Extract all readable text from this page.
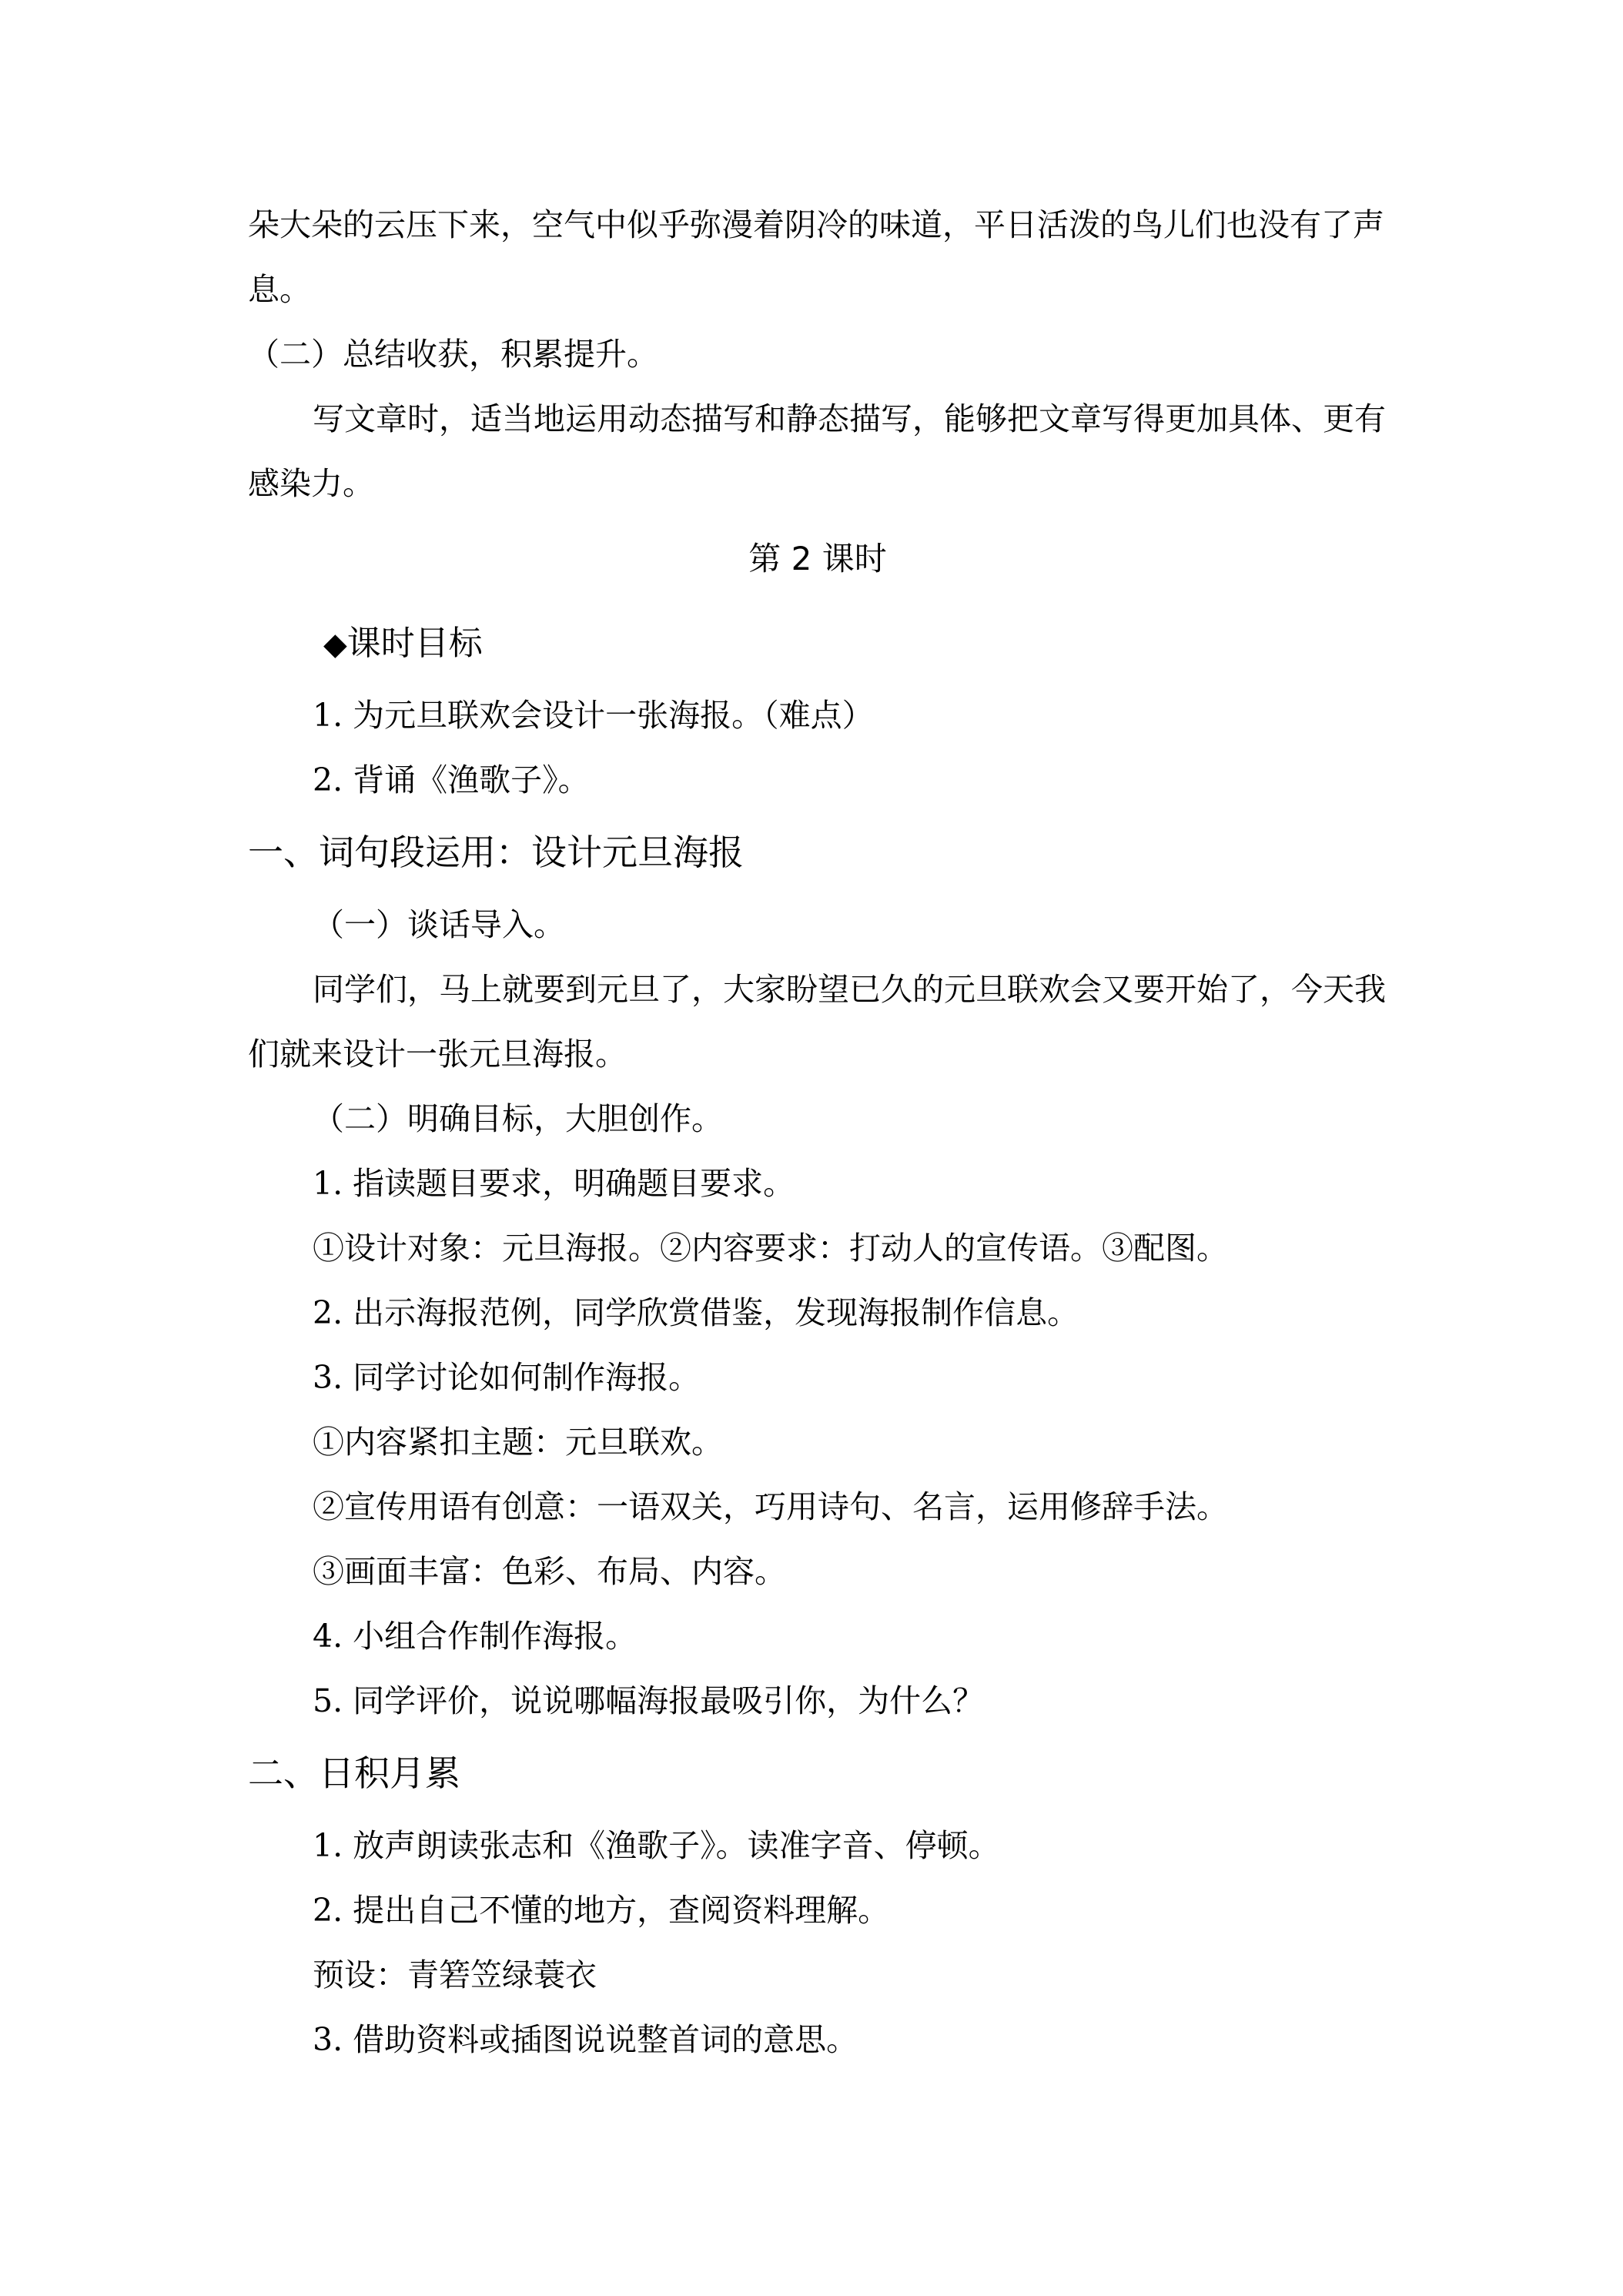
朵大朵的云压下来，空气中似乎弥漫着阴冷的味道，平日活泼的鸟儿们也没有了声息。

（二）总结收获，积累提升。

写文章时，适当地运用动态描写和静态描写，能够把文章写得更加具体、更有感染力。

第 2 课时
◆课时目标

1. 为元旦联欢会设计一张海报。（难点）

2. 背诵《渔歌子》。

一、词句段运用：设计元旦海报

（一）谈话导入。

同学们，马上就要到元旦了，大家盼望已久的元旦联欢会又要开始了，今天我们就来设计一张元旦海报。

（二）明确目标，大胆创作。

1. 指读题目要求，明确题目要求。

①设计对象：元旦海报。②内容要求：打动人的宣传语。③配图。

2. 出示海报范例，同学欣赏借鉴，发现海报制作信息。

3. 同学讨论如何制作海报。

①内容紧扣主题：元旦联欢。

②宣传用语有创意：一语双关，巧用诗句、名言，运用修辞手法。

③画面丰富：色彩、布局、内容。

4. 小组合作制作海报。

5. 同学评价，说说哪幅海报最吸引你，为什么？

二、日积月累

1. 放声朗读张志和《渔歌子》。读准字音、停顿。

2. 提出自己不懂的地方，查阅资料理解。

预设：青箬笠绿蓑衣

3. 借助资料或插图说说整首词的意思。
